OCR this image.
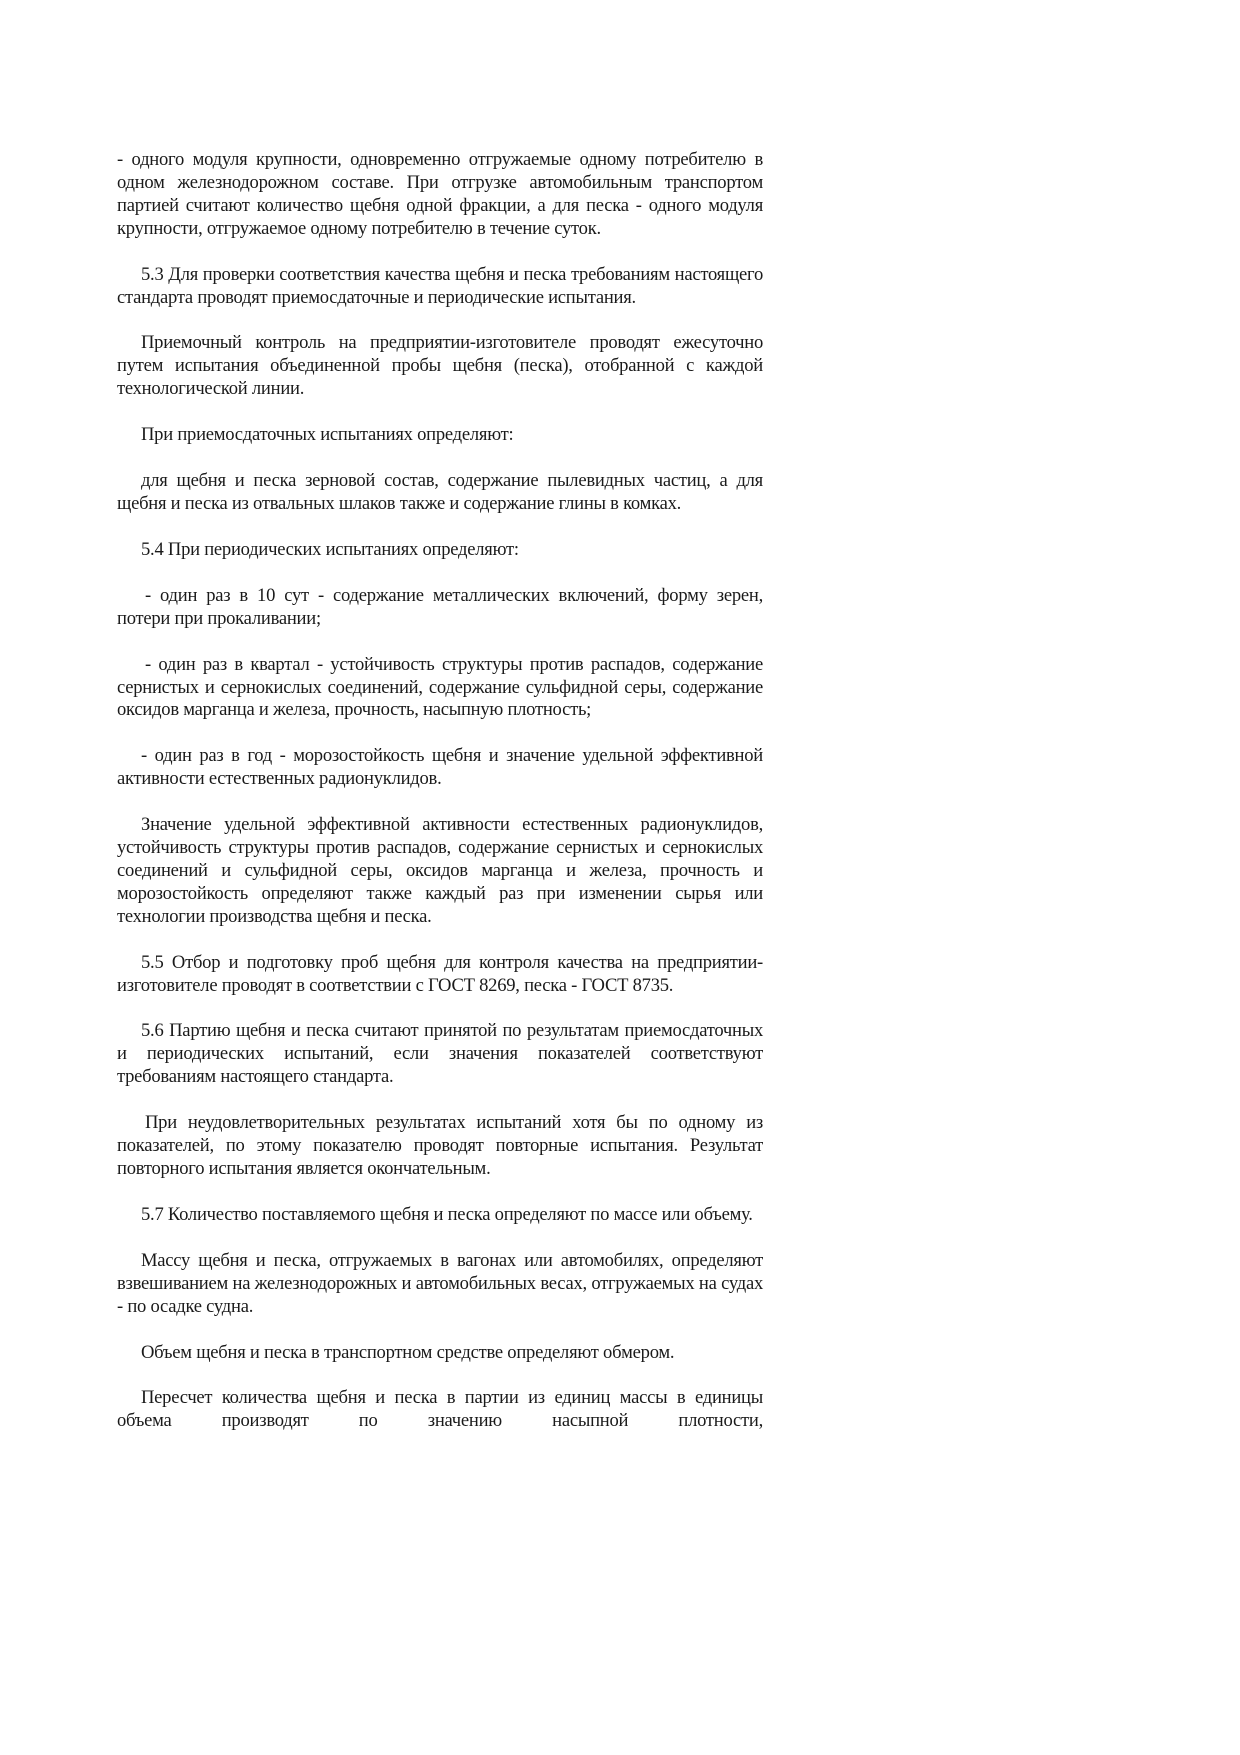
- одного модуля крупности, одновременно отгружаемые одному потребителю в одном железнодорожном составе. При отгрузке автомобильным транспортом партией считают количество щебня одной фракции, а для песка - одного модуля крупности, отгружаемое одному потребителю в течение суток.

5.3 Для проверки соответствия качества щебня и песка требованиям настоящего стандарта проводят приемосдаточные и периодические испытания.

Приемочный контроль на предприятии-изготовителе проводят ежесуточно путем испытания объединенной пробы щебня (песка), отобранной с каждой технологической линии.

При приемосдаточных испытаниях определяют:

для щебня и песка зерновой состав, содержание пылевидных частиц, а для щебня и песка из отвальных шлаков также и содержание глины в комках.

5.4 При периодических испытаниях определяют:

- один раз в 10 сут - содержание металлических включений, форму зерен, потери при прокаливании;

- один раз в квартал - устойчивость структуры против распадов, содержание сернистых и сернокислых соединений, содержание сульфидной серы, содержание оксидов марганца и железа, прочность, насыпную плотность;

- один раз в год - морозостойкость щебня и значение удельной эффективной активности естественных радионуклидов.

Значение удельной эффективной активности естественных радионуклидов, устойчивость структуры против распадов, содержание сернистых и сернокислых соединений и сульфидной серы, оксидов марганца и железа, прочность и морозостойкость определяют также каждый раз при изменении сырья или технологии производства щебня и песка.

5.5 Отбор и подготовку проб щебня для контроля качества на предприятии-изготовителе проводят в соответствии с ГОСТ 8269, песка - ГОСТ 8735.

5.6 Партию щебня и песка считают принятой по результатам приемосдаточных и периодических испытаний, если значения показателей соответствуют требованиям настоящего стандарта.

При неудовлетворительных результатах испытаний хотя бы по одному из показателей, по этому показателю проводят повторные испытания. Результат повторного испытания является окончательным.

5.7 Количество поставляемого щебня и песка определяют по массе или объему.

Массу щебня и песка, отгружаемых в вагонах или автомобилях, определяют взвешиванием на железнодорожных и автомобильных весах, отгружаемых на судах - по осадке судна.

Объем щебня и песка в транспортном средстве определяют обмером.

Пересчет количества щебня и песка в партии из единиц массы в единицы объема производят по значению насыпной плотности,
